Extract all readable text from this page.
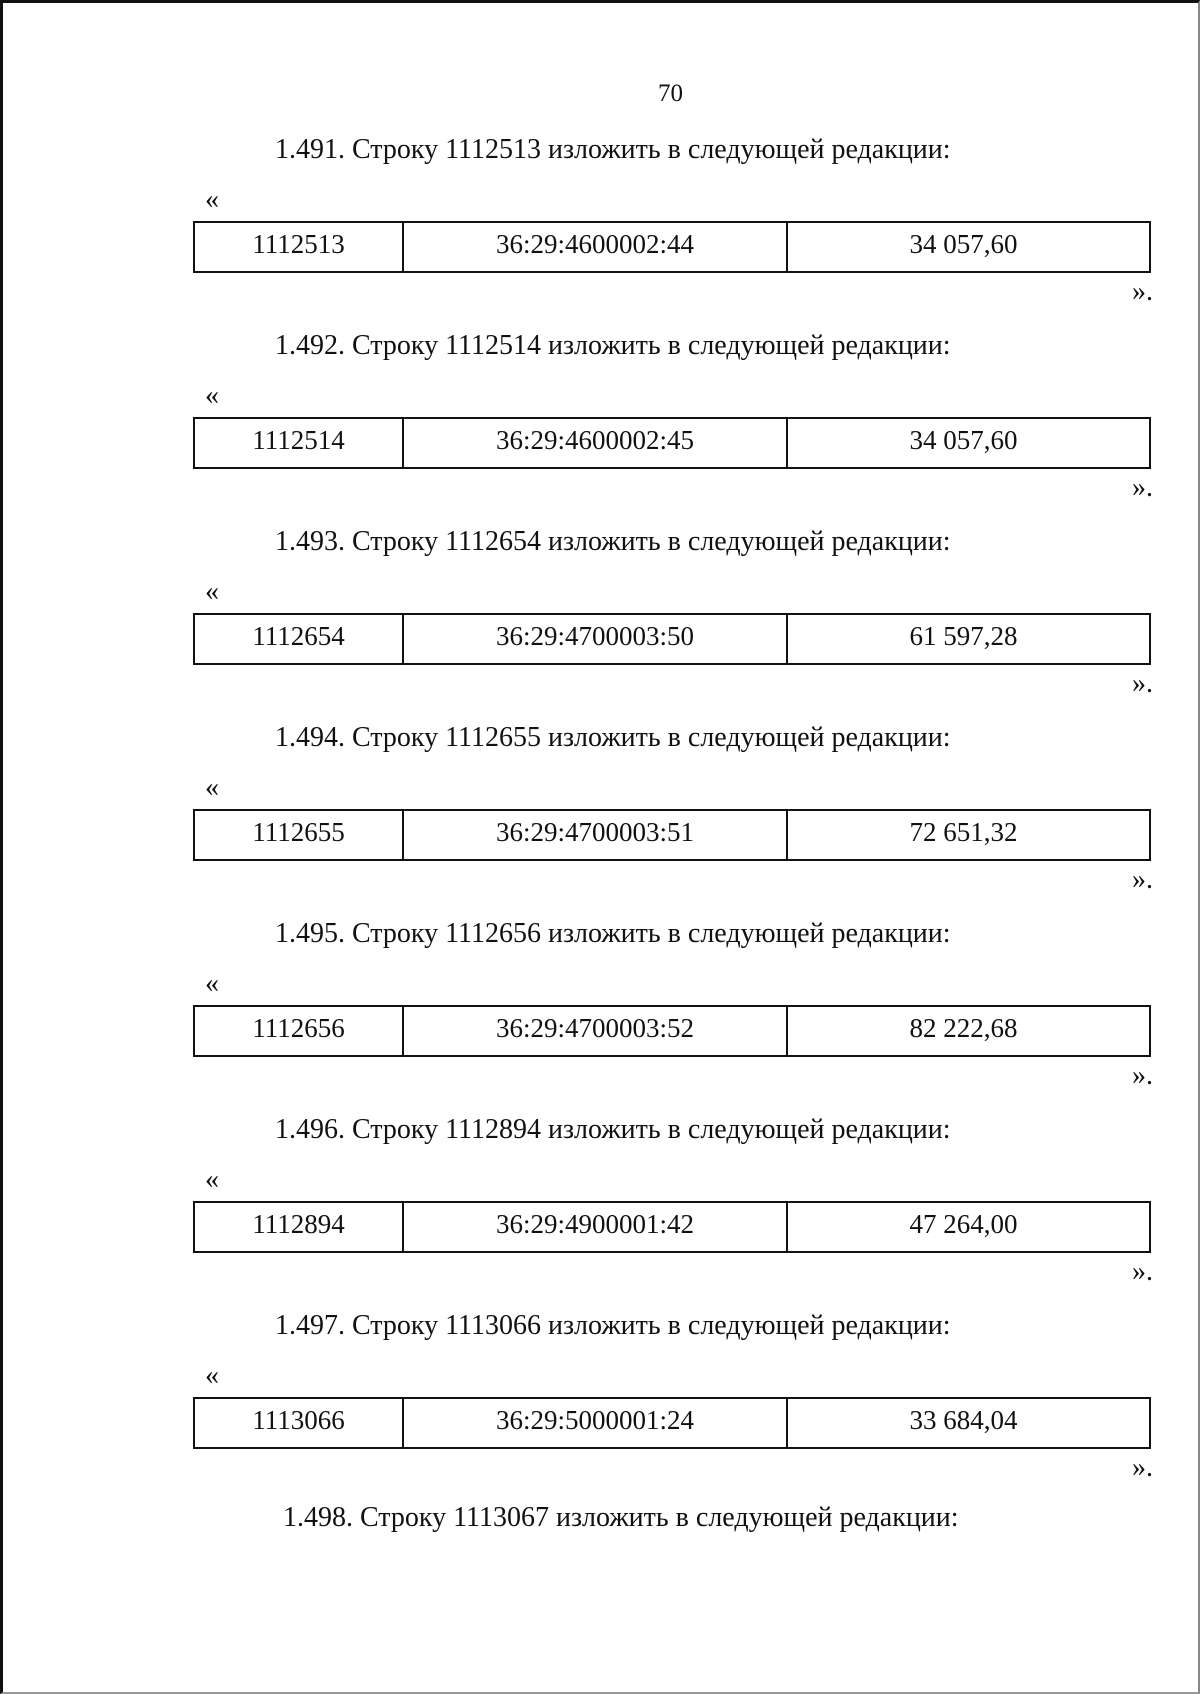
70
1.491. Строку 1112513 изложить в следующей редакции:
«
1112513	36:29:4600002:44	34 057,60
».
1.492. Строку 1112514 изложить в следующей редакции:
«
1112514	36:29:4600002:45	34 057,60
».
1.493. Строку 1112654 изложить в следующей редакции:
«
1112654	36:29:4700003:50	61 597,28
».
1.494. Строку 1112655 изложить в следующей редакции:
«
1112655	36:29:4700003:51	72 651,32
».
1.495. Строку 1112656 изложить в следующей редакции:
«
1112656	36:29:4700003:52	82 222,68
».
1.496. Строку 1112894 изложить в следующей редакции:
«
1112894	36:29:4900001:42	47 264,00
».
1.497. Строку 1113066 изложить в следующей редакции:
«
1113066	36:29:5000001:24	33 684,04
».
1.498. Строку 1113067 изложить в следующей редакции:
